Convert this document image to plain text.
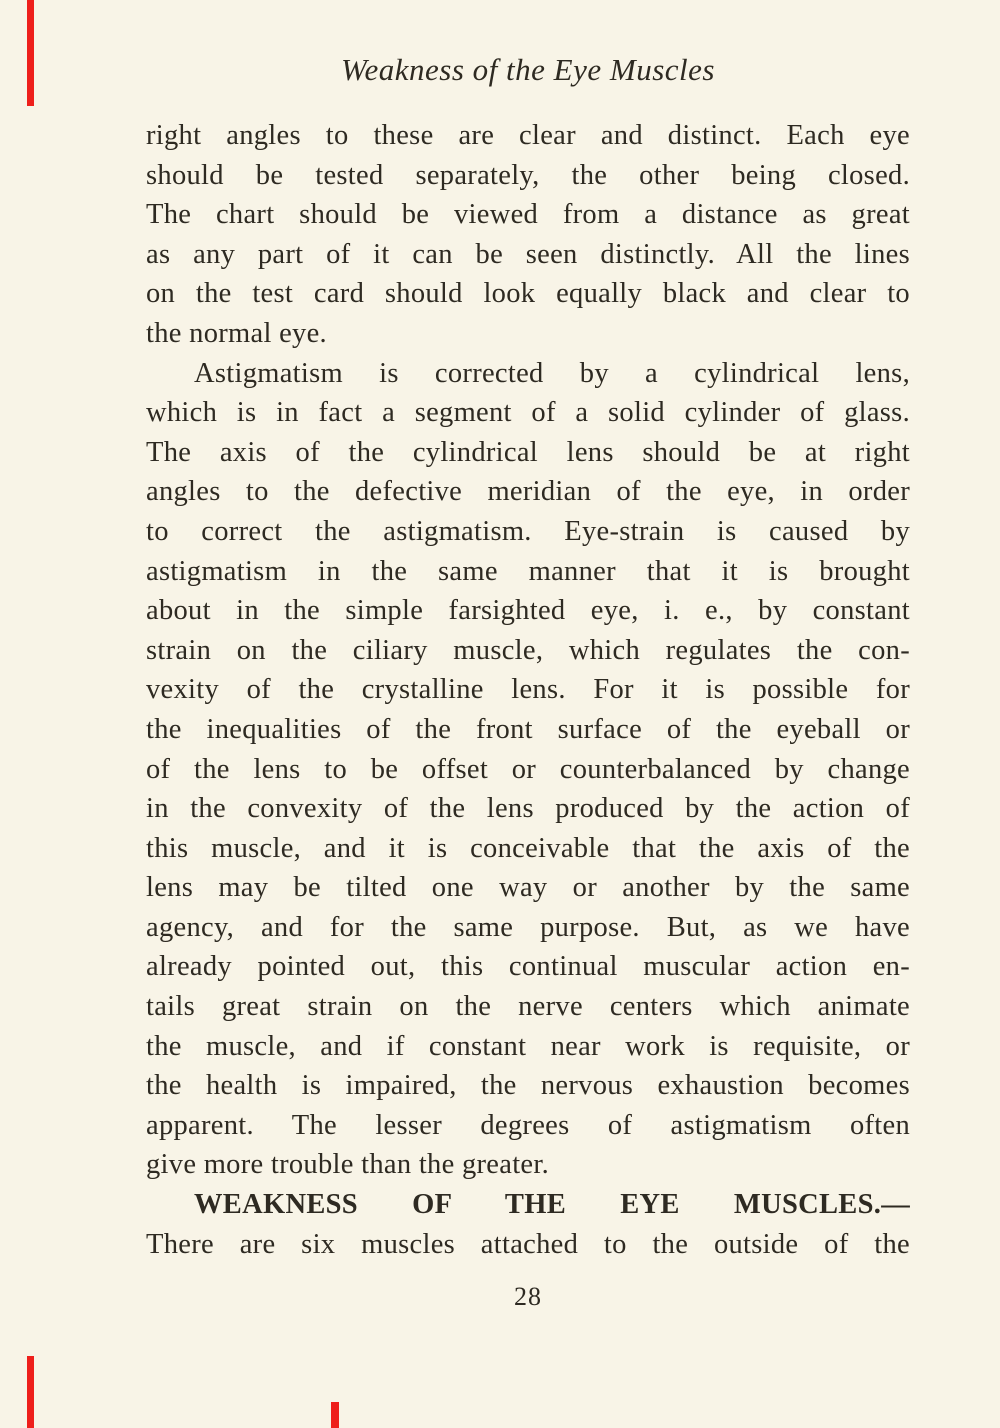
Weakness of the Eye Muscles
right angles to these are clear and distinct. Each eye
should be tested separately, the other being closed.
The chart should be viewed from a distance as great
as any part of it can be seen distinctly. All the lines
on the test card should look equally black and clear to
the normal eye.
Astigmatism is corrected by a cylindrical lens,
which is in fact a segment of a solid cylinder of glass.
The axis of the cylindrical lens should be at right
angles to the defective meridian of the eye, in order
to correct the astigmatism. Eye-strain is caused by
astigmatism in the same manner that it is brought
about in the simple farsighted eye, i. e., by constant
strain on the ciliary muscle, which regulates the con-
vexity of the crystalline lens. For it is possible for
the inequalities of the front surface of the eyeball or
of the lens to be offset or counterbalanced by change
in the convexity of the lens produced by the action of
this muscle, and it is conceivable that the axis of the
lens may be tilted one way or another by the same
agency, and for the same purpose. But, as we have
already pointed out, this continual muscular action en-
tails great strain on the nerve centers which animate
the muscle, and if constant near work is requisite, or
the health is impaired, the nervous exhaustion becomes
apparent. The lesser degrees of astigmatism often
give more trouble than the greater.
WEAKNESS OF THE EYE MUSCLES.—
There are six muscles attached to the outside of the
28
